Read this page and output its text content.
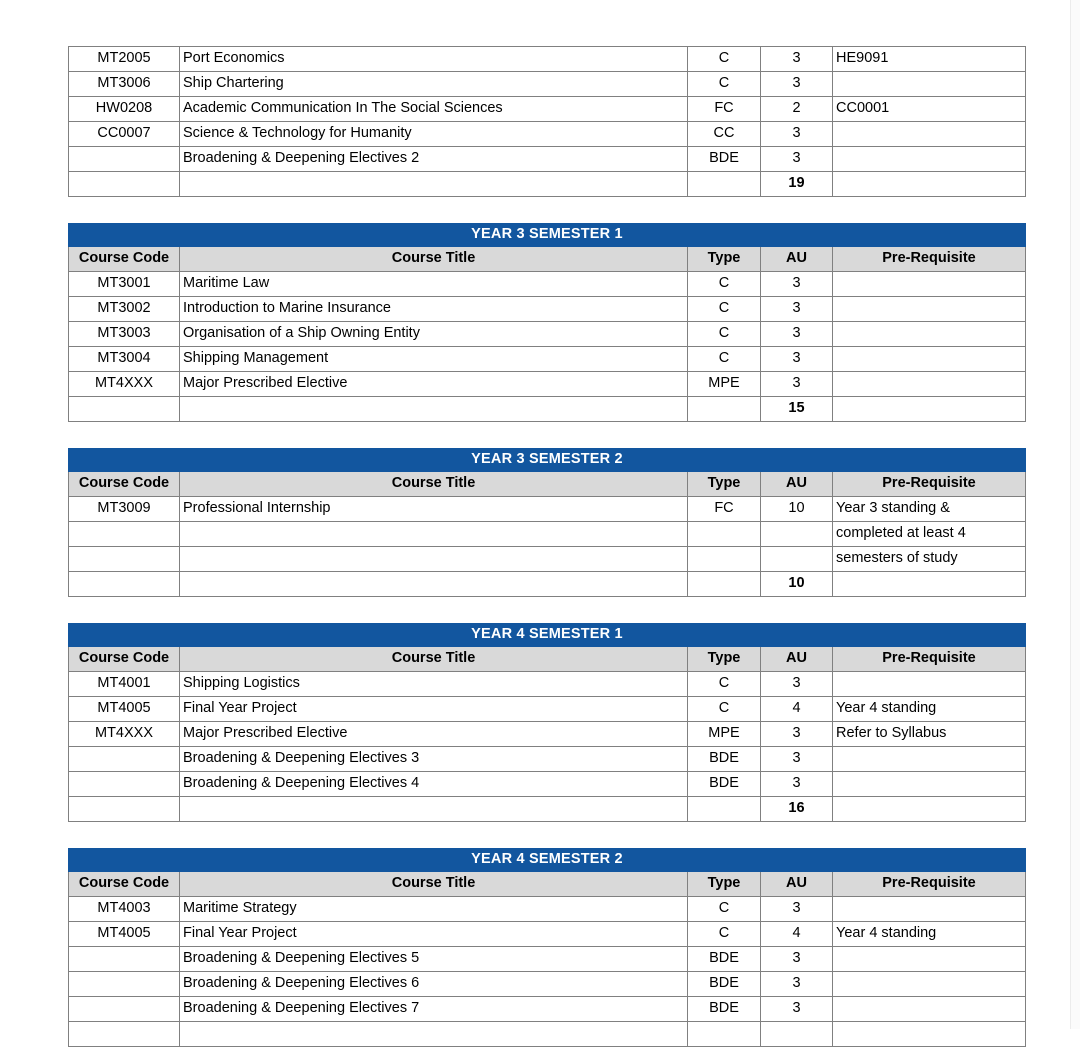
MT2005	Port Economics	C	3	HE9091
MT3006	Ship Chartering	C	3	
HW0208	Academic Communication In The Social Sciences	FC	2	CC0001
CC0007	Science & Technology for Humanity	CC	3	
	Broadening & Deepening Electives 2	BDE	3	
			19	
YEAR 3 SEMESTER 1				
Course Code	Course Title	Type	AU	Pre-Requisite
MT3001	Maritime Law	C	3	
MT3002	Introduction to Marine Insurance	C	3	
MT3003	Organisation of a Ship Owning Entity	C	3	
MT3004	Shipping Management	C	3	
MT4XXX	Major Prescribed Elective	MPE	3	
			15	
YEAR 3 SEMESTER 2				
Course Code	Course Title	Type	AU	Pre-Requisite
MT3009	Professional Internship	FC	10	Year 3 standing &
				completed at least 4
				semesters of study
			10	
YEAR 4 SEMESTER 1				
Course Code	Course Title	Type	AU	Pre-Requisite
MT4001	Shipping Logistics	C	3	
MT4005	Final Year Project	C	4	Year 4 standing
MT4XXX	Major Prescribed Elective	MPE	3	Refer to Syllabus
	Broadening & Deepening Electives 3	BDE	3	
	Broadening & Deepening Electives 4	BDE	3	
			16	
YEAR 4 SEMESTER 2				
Course Code	Course Title	Type	AU	Pre-Requisite
MT4003	Maritime Strategy	C	3	
MT4005	Final Year Project	C	4	Year 4 standing
	Broadening & Deepening Electives 5	BDE	3	
	Broadening & Deepening Electives 6	BDE	3	
	Broadening & Deepening Electives 7	BDE	3	
